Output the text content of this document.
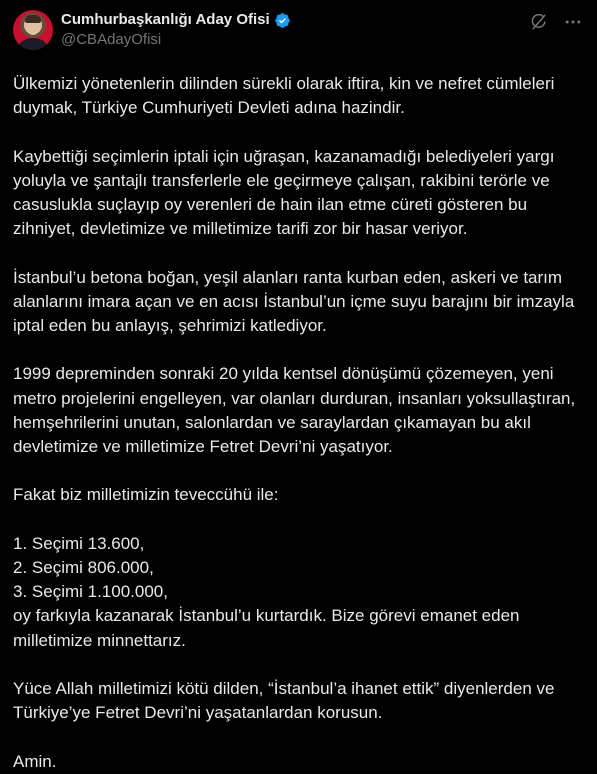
Cumhurbaşkanlığı Aday Ofisi
@CBAdayOfisi

Ülkemizi yönetenlerin dilinden sürekli olarak iftira, kin ve nefret cümleleri duymak, Türkiye Cumhuriyeti Devleti adına hazindir.

Kaybettiği seçimlerin iptali için uğraşan, kazanamadığı belediyeleri yargı yoluyla ve şantajlı transferlerle ele geçirmeye çalışan, rakibini terörle ve casuslukla suçlayıp oy verenleri de hain ilan etme cüreti gösteren bu zihniyet, devletimize ve milletimize tarifi zor bir hasar veriyor.

İstanbul’u betona boğan, yeşil alanları ranta kurban eden, askeri ve tarım alanlarını imara açan ve en acısı İstanbul’un içme suyu barajını bir imzayla iptal eden bu anlayış, şehrimizi katlediyor.

1999 depreminden sonraki 20 yılda kentsel dönüşümü çözemeyen, yeni metro projelerini engelleyen, var olanları durduran, insanları yoksullaştıran, hemşehrilerini unutan, salonlardan ve saraylardan çıkamayan bu akıl devletimize ve milletimize Fetret Devri’ni yaşatıyor.

Fakat biz milletimizin teveccühü ile:

1. Seçimi 13.600,
2. Seçimi 806.000,
3. Seçimi 1.100.000,
oy farkıyla kazanarak İstanbul’u kurtardık. Bize görevi emanet eden milletimize minnettarız.

Yüce Allah milletimizi kötü dilden, “İstanbul’a ihanet ettik” diyenlerden ve Türkiye’ye Fetret Devri’ni yaşatanlardan korusun.

Amin.
